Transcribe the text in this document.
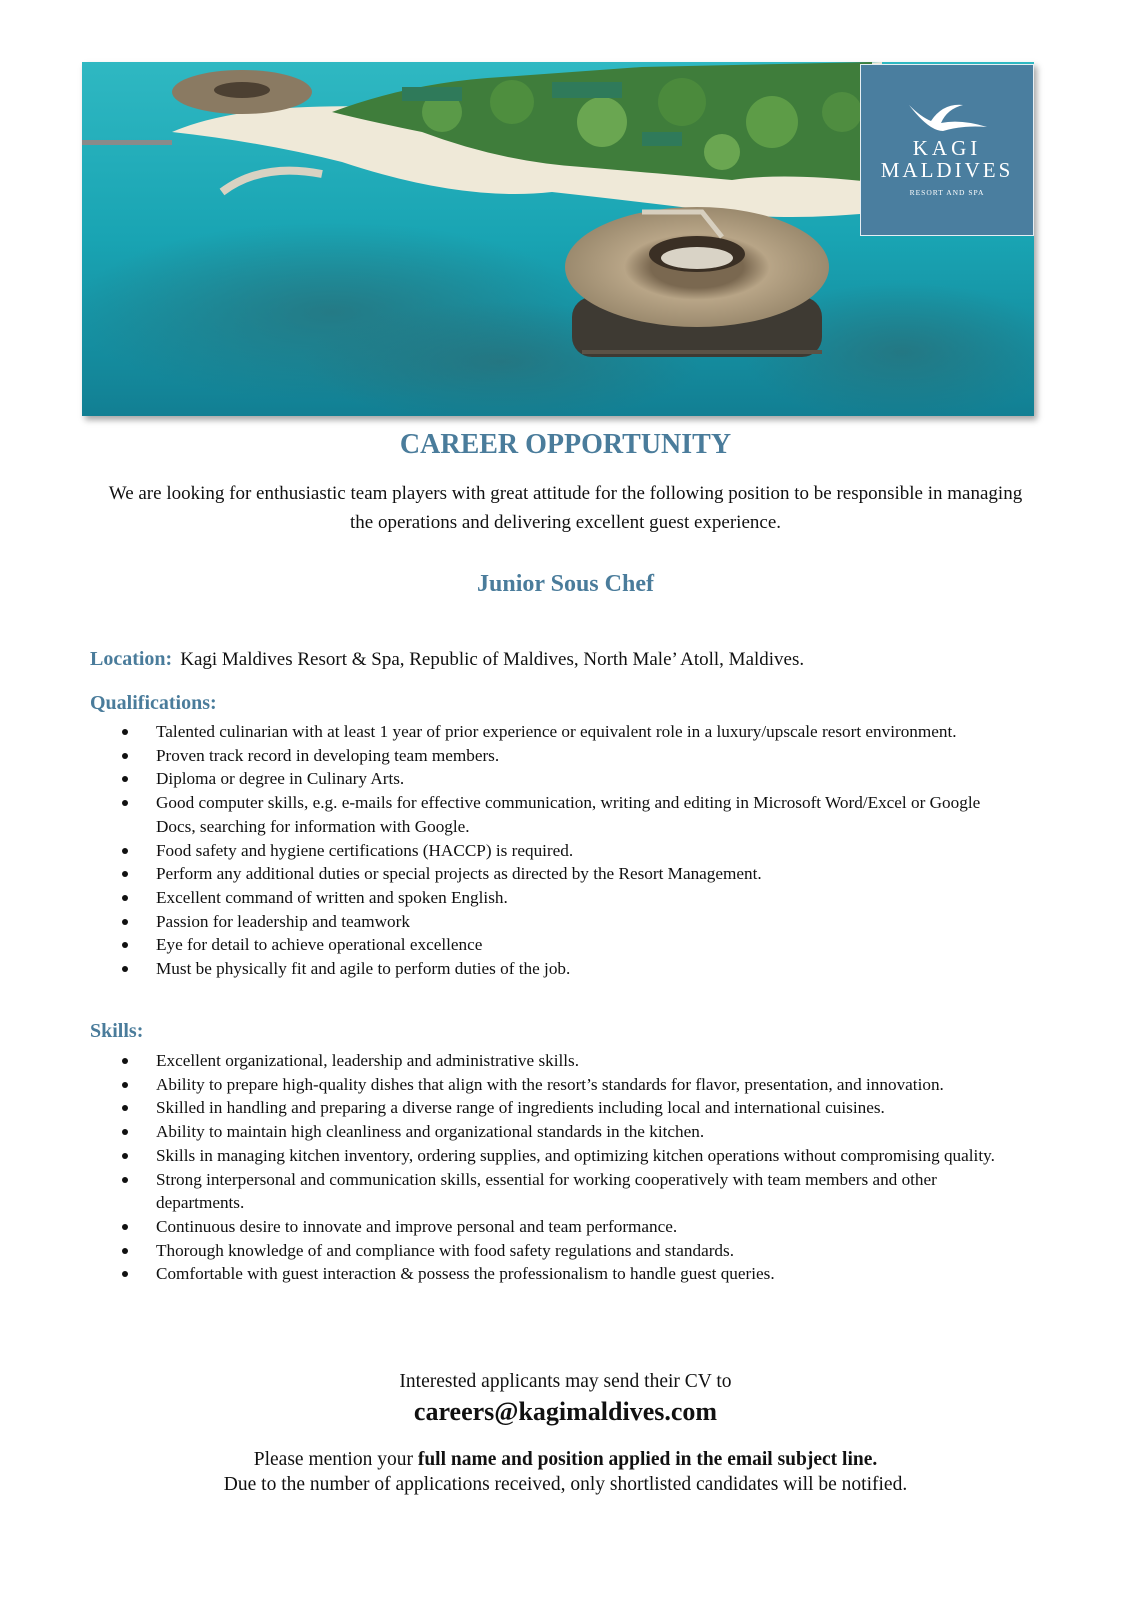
KAGI
MALDIVES
RESORT AND SPA
CAREER OPPORTUNITY
We are looking for enthusiastic team players with great attitude for the following position to be responsible in managing the operations and delivering excellent guest experience.
Junior Sous Chef
Location: Kagi Maldives Resort & Spa, Republic of Maldives, North Male’ Atoll, Maldives.
Qualifications:
Talented culinarian with at least 1 year of prior experience or equivalent role in a luxury/upscale resort environment.
Proven track record in developing team members.
Diploma or degree in Culinary Arts.
Good computer skills, e.g. e-mails for effective communication, writing and editing in Microsoft Word/Excel or Google Docs, searching for information with Google.
Food safety and hygiene certifications (HACCP) is required.
Perform any additional duties or special projects as directed by the Resort Management.
Excellent command of written and spoken English.
Passion for leadership and teamwork
Eye for detail to achieve operational excellence
Must be physically fit and agile to perform duties of the job.
Skills:
Excellent organizational, leadership and administrative skills.
Ability to prepare high-quality dishes that align with the resort’s standards for flavor, presentation, and innovation.
Skilled in handling and preparing a diverse range of ingredients including local and international cuisines.
Ability to maintain high cleanliness and organizational standards in the kitchen.
Skills in managing kitchen inventory, ordering supplies, and optimizing kitchen operations without compromising quality.
Strong interpersonal and communication skills, essential for working cooperatively with team members and other departments.
Continuous desire to innovate and improve personal and team performance.
Thorough knowledge of and compliance with food safety regulations and standards.
Comfortable with guest interaction & possess the professionalism to handle guest queries.
Interested applicants may send their CV to
careers@kagimaldives.com
Please mention your full name and position applied in the email subject line.
Due to the number of applications received, only shortlisted candidates will be notified.
